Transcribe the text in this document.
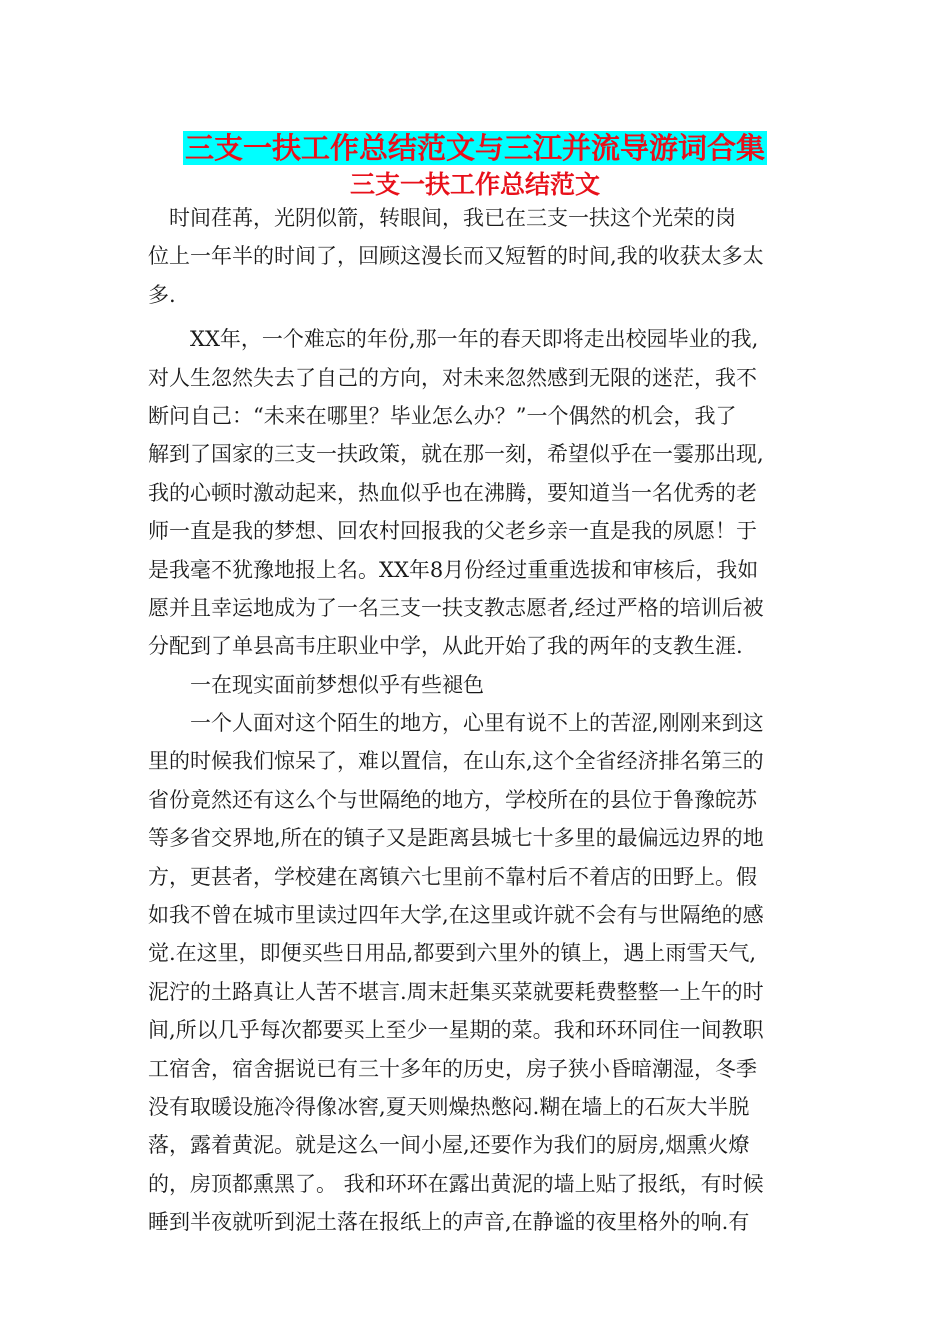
三支一扶工作总结范文与三江并流导游词合集
三支一扶工作总结范文
　时间荏苒，光阴似箭，转眼间，我已在三支一扶这个光荣的岗
位上一年半的时间了，回顾这漫长而又短暂的时间,我的收获太多太
多.
　　XX年，一个难忘的年份,那一年的春天即将走出校园毕业的我,
对人生忽然失去了自己的方向，对未来忽然感到无限的迷茫，我不
断问自己：“未来在哪里？毕业怎么办？”一个偶然的机会，我了
解到了国家的三支一扶政策，就在那一刻，希望似乎在一霎那出现,
我的心顿时激动起来，热血似乎也在沸腾，要知道当一名优秀的老
师一直是我的梦想、回农村回报我的父老乡亲一直是我的夙愿！于
是我毫不犹豫地报上名。XX年8月份经过重重选拔和审核后，我如
愿并且幸运地成为了一名三支一扶支教志愿者,经过严格的培训后被
分配到了单县高韦庄职业中学，从此开始了我的两年的支教生涯.
　　一在现实面前梦想似乎有些褪色
　　一个人面对这个陌生的地方，心里有说不上的苦涩,刚刚来到这
里的时候我们惊呆了，难以置信，在山东,这个全省经济排名第三的
省份竟然还有这么个与世隔绝的地方，学校所在的县位于鲁豫皖苏
等多省交界地,所在的镇子又是距离县城七十多里的最偏远边界的地
方，更甚者，学校建在离镇六七里前不靠村后不着店的田野上。假
如我不曾在城市里读过四年大学,在这里或许就不会有与世隔绝的感
觉.在这里，即便买些日用品,都要到六里外的镇上，遇上雨雪天气,
泥泞的土路真让人苦不堪言.周末赶集买菜就要耗费整整一上午的时
间,所以几乎每次都要买上至少一星期的菜。我和环环同住一间教职
工宿舍，宿舍据说已有三十多年的历史，房子狭小昏暗潮湿，冬季
没有取暖设施冷得像冰窖,夏天则燥热憋闷.糊在墙上的石灰大半脱
落，露着黄泥。就是这么一间小屋,还要作为我们的厨房,烟熏火燎
的，房顶都熏黑了。 我和环环在露出黄泥的墙上贴了报纸，有时候
睡到半夜就听到泥土落在报纸上的声音,在静谧的夜里格外的响.有
